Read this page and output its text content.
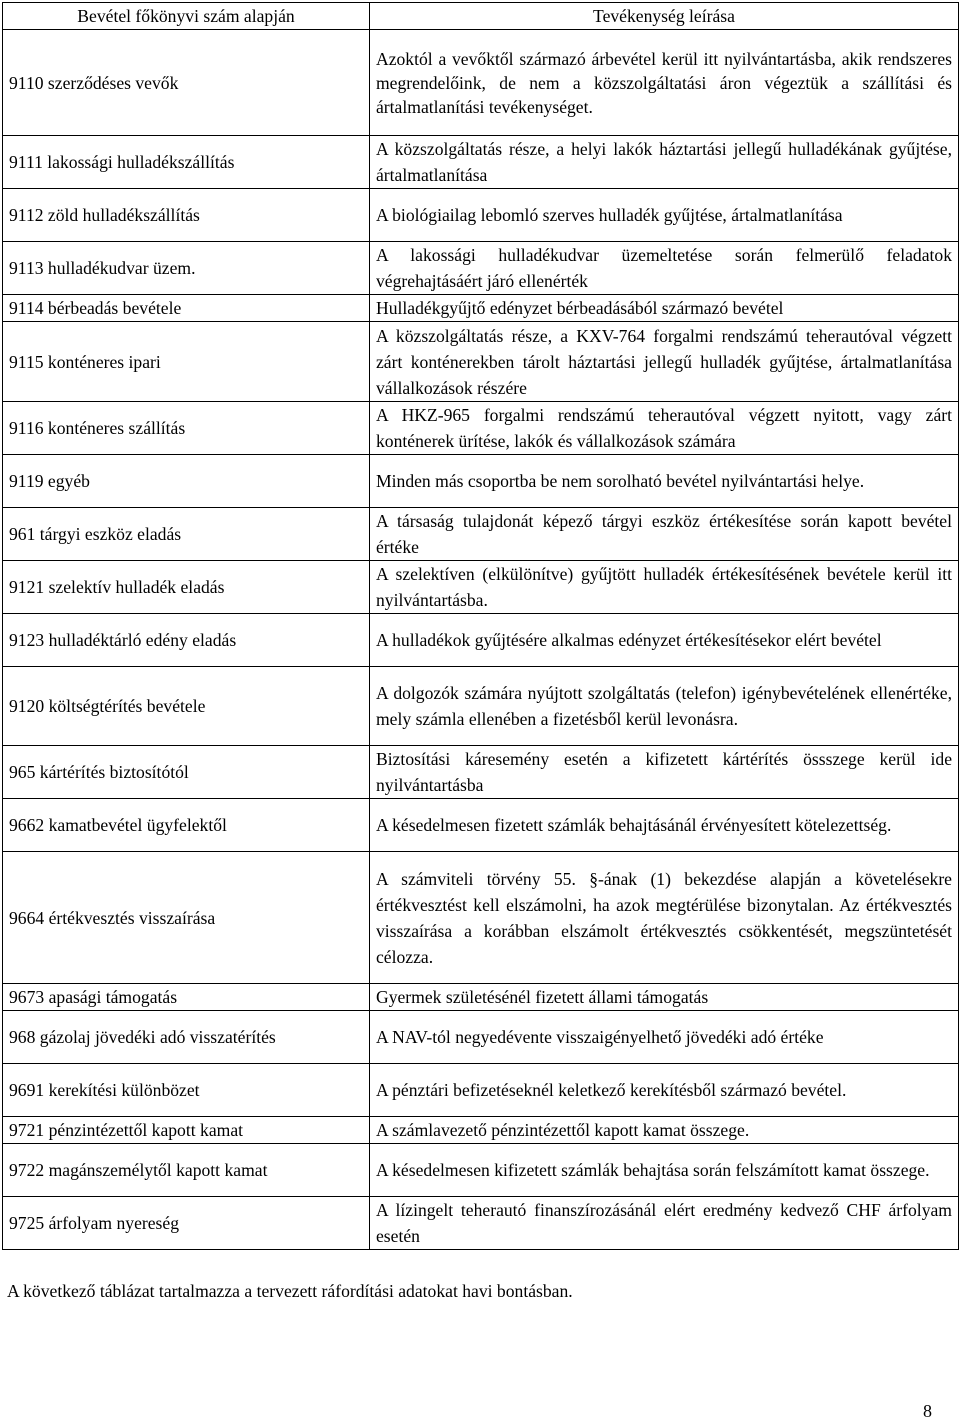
Bevétel főkönyvi szám alapján	Tevékenység leírása
9110 szerződéses vevők	Azoktól a vevőktől származó árbevétel kerül itt nyilvántartásba, akik rendszeres megrendelőink, de nem a közszolgáltatási áron végeztük a szállítási és ártalmatlanítási tevékenységet.
9111 lakossági hulladékszállítás	A közszolgáltatás része, a helyi lakók háztartási jellegű hulladékának gyűjtése, ártalmatlanítása
9112 zöld hulladékszállítás	A biológiailag lebomló szerves hulladék gyűjtése, ártalmatlanítása
9113 hulladékudvar üzem.	A lakossági hulladékudvar üzemeltetése során felmerülő feladatok végrehajtásáért járó ellenérték
9114 bérbeadás bevétele	Hulladékgyűjtő edényzet bérbeadásából származó bevétel
9115 konténeres ipari	A közszolgáltatás része, a KXV-764 forgalmi rendszámú teherautóval végzett zárt konténerekben tárolt háztartási jellegű hulladék gyűjtése, ártalmatlanítása vállalkozások részére
9116 konténeres szállítás	A HKZ-965 forgalmi rendszámú teherautóval végzett nyitott, vagy zárt konténerek ürítése, lakók és vállalkozások számára
9119 egyéb	Minden más csoportba be nem sorolható bevétel nyilvántartási helye.
961 tárgyi eszköz eladás	A társaság tulajdonát képező tárgyi eszköz értékesítése során kapott bevétel értéke
9121 szelektív hulladék eladás	A szelektíven (elkülönítve) gyűjtött hulladék értékesítésének bevétele kerül itt nyilvántartásba.
9123 hulladéktárló edény eladás	A hulladékok gyűjtésére alkalmas edényzet értékesítésekor elért bevétel
9120 költségtérítés bevétele	A dolgozók számára nyújtott szolgáltatás (telefon) igénybevételének ellenértéke, mely számla ellenében a fizetésből kerül levonásra.
965 kártérítés biztosítótól	Biztosítási káresemény esetén a kifizetett kártérítés össszege kerül ide nyilvántartásba
9662 kamatbevétel ügyfelektől	A késedelmesen fizetett számlák behajtásánál érvényesített kötelezettség.
9664 értékvesztés visszaírása	A számviteli törvény 55. §-ának (1) bekezdése alapján a követelésekre értékvesztést kell elszámolni, ha azok megtérülése bizonytalan. Az értékvesztés visszaírása a korábban elszámolt értékvesztés csökkentését, megszüntetését célozza.
9673 apasági támogatás	Gyermek születésénél fizetett állami támogatás
968 gázolaj jövedéki adó visszatérítés	A NAV-tól negyedévente visszaigényelhető jövedéki adó értéke
9691 kerekítési különbözet	A pénztári befizetéseknél keletkező kerekítésből származó bevétel.
9721 pénzintézettől kapott kamat	A számlavezető pénzintézettől kapott kamat összege.
9722 magánszemélytől kapott kamat	A késedelmesen kifizetett számlák behajtása során felszámított kamat összege.
9725 árfolyam nyereség	A lízingelt teherautó finanszírozásánál elért eredmény kedvező CHF árfolyam esetén
A következő táblázat tartalmazza a tervezett ráfordítási adatokat havi bontásban.
8
